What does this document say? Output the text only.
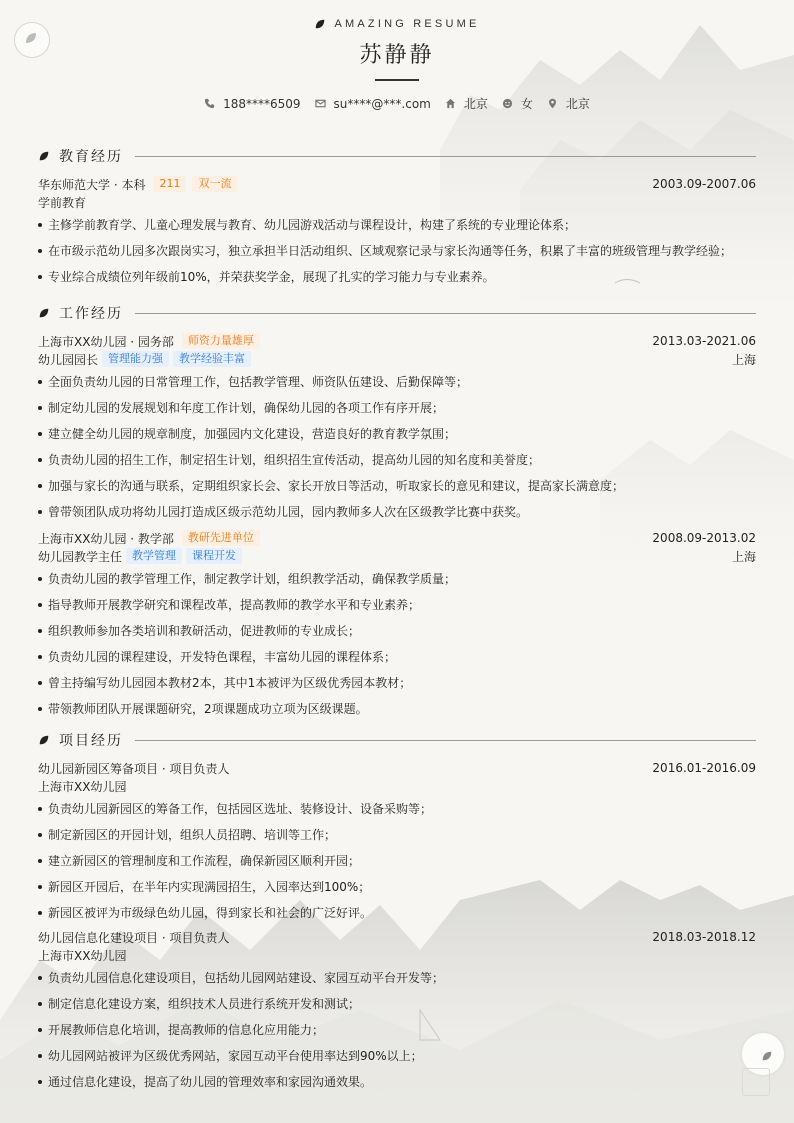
AMAZING RESUME
苏静静
188****6509	su****@***.com	北京	女	北京
教育经历
华东师范大学 · 本科	211	双一流	2003.09-2007.06
学前教育
主修学前教育学、儿童心理发展与教育、幼儿园游戏活动与课程设计，构建了系统的专业理论体系；
在市级示范幼儿园多次跟岗实习，独立承担半日活动组织、区域观察记录与家长沟通等任务，积累了丰富的班级管理与教学经验；
专业综合成绩位列年级前10%，并荣获奖学金，展现了扎实的学习能力与专业素养。
工作经历
上海市XX幼儿园 · 园务部	师资力量雄厚	2013.03-2021.06
幼儿园园长 管理能力强	教学经验丰富	上海
全面负责幼儿园的日常管理工作，包括教学管理、师资队伍建设、后勤保障等；
制定幼儿园的发展规划和年度工作计划，确保幼儿园的各项工作有序开展；
建立健全幼儿园的规章制度，加强园内文化建设，营造良好的教育教学氛围；
负责幼儿园的招生工作，制定招生计划，组织招生宣传活动，提高幼儿园的知名度和美誉度；
加强与家长的沟通与联系，定期组织家长会、家长开放日等活动，听取家长的意见和建议，提高家长满意度；
曾带领团队成功将幼儿园打造成区级示范幼儿园，园内教师多人次在区级教学比赛中获奖。
上海市XX幼儿园 · 教学部	教研先进单位	2008.09-2013.02
幼儿园教学主任 教学管理	课程开发	上海
负责幼儿园的教学管理工作，制定教学计划，组织教学活动，确保教学质量；
指导教师开展教学研究和课程改革，提高教师的教学水平和专业素养；
组织教师参加各类培训和教研活动，促进教师的专业成长；
负责幼儿园的课程建设，开发特色课程，丰富幼儿园的课程体系；
曾主持编写幼儿园园本教材2本，其中1本被评为区级优秀园本教材；
带领教师团队开展课题研究，2项课题成功立项为区级课题。
项目经历
幼儿园新园区筹备项目 · 项目负责人	2016.01-2016.09
上海市XX幼儿园
负责幼儿园新园区的筹备工作，包括园区选址、装修设计、设备采购等；
制定新园区的开园计划，组织人员招聘、培训等工作；
建立新园区的管理制度和工作流程，确保新园区顺利开园；
新园区开园后，在半年内实现满园招生，入园率达到100%；
新园区被评为市级绿色幼儿园，得到家长和社会的广泛好评。
幼儿园信息化建设项目 · 项目负责人	2018.03-2018.12
上海市XX幼儿园
负责幼儿园信息化建设项目，包括幼儿园网站建设、家园互动平台开发等；
制定信息化建设方案，组织技术人员进行系统开发和测试；
开展教师信息化培训，提高教师的信息化应用能力；
幼儿园网站被评为区级优秀网站，家园互动平台使用率达到90%以上；
通过信息化建设，提高了幼儿园的管理效率和家园沟通效果。
